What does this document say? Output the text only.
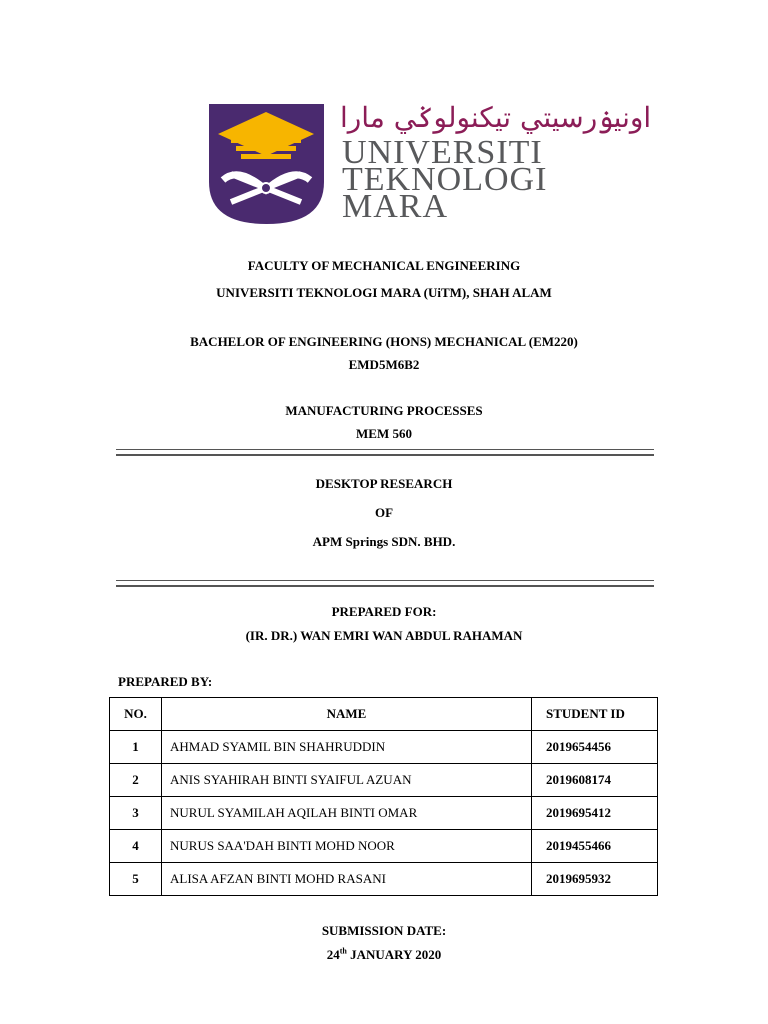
اونيۏرسيتي تيكنولوݢي مارا
UNIVERSITI
TEKNOLOGI
MARA
FACULTY OF MECHANICAL ENGINEERING
UNIVERSITI TEKNOLOGI MARA (UiTM), SHAH ALAM
BACHELOR OF ENGINEERING (HONS) MECHANICAL (EM220)
EMD5M6B2
MANUFACTURING PROCESSES
MEM 560
DESKTOP RESEARCH
OF
APM Springs SDN. BHD.
PREPARED FOR:
(IR. DR.) WAN EMRI WAN ABDUL RAHAMAN
PREPARED BY:
NO.	NAME	STUDENT ID
1	AHMAD SYAMIL BIN SHAHRUDDIN	2019654456
2	ANIS SYAHIRAH BINTI SYAIFUL AZUAN	2019608174
3	NURUL SYAMILAH AQILAH BINTI OMAR	2019695412
4	NURUS SAA'DAH BINTI MOHD NOOR	2019455466
5	ALISA AFZAN BINTI MOHD RASANI	2019695932
SUBMISSION DATE:
24th JANUARY 2020
